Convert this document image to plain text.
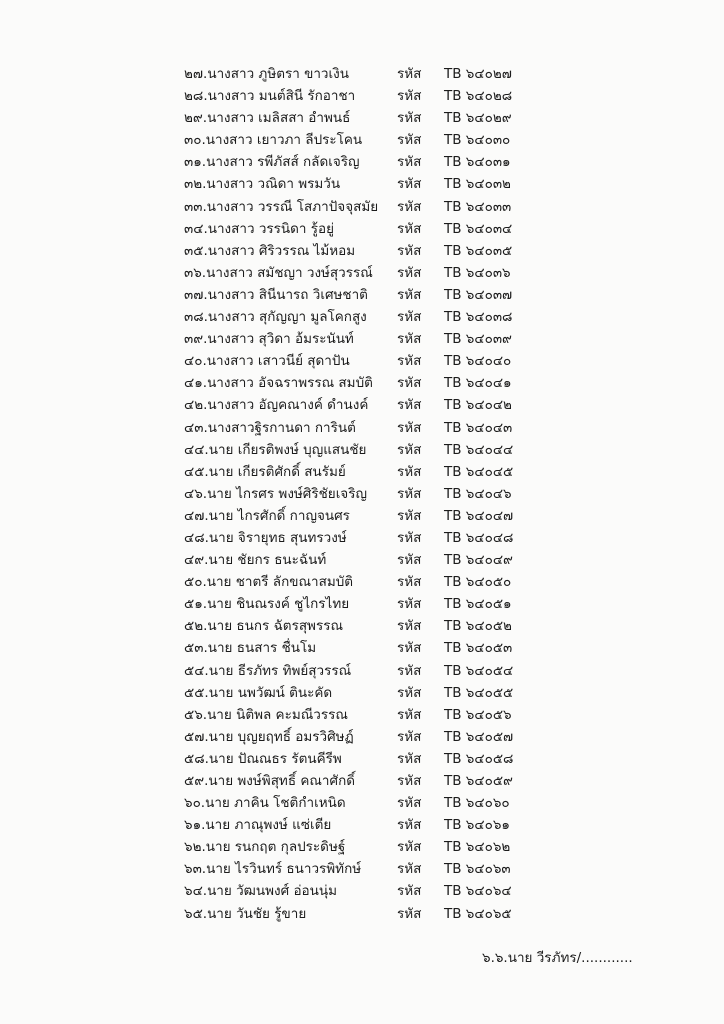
๒๗.นางสาว ภูษิตรา ขาวเงิน	รหัส TB ๖๔๐๒๗
๒๘.นางสาว มนต์สินี รักอาชา	รหัส TB ๖๔๐๒๘
๒๙.นางสาว เมลิสสา อำพนธ์	รหัส TB ๖๔๐๒๙
๓๐.นางสาว เยาวภา ลีประโคน	รหัส TB ๖๔๐๓๐
๓๑.นางสาว รพีภัสส์ กลัดเจริญ	รหัส TB ๖๔๐๓๑
๓๒.นางสาว วณิดา พรมวัน	รหัส TB ๖๔๐๓๒
๓๓.นางสาว วรรณี โสภาปัจจุสมัย รหัส TB ๖๔๐๓๓
๓๔.นางสาว วรรนิดา รู้อยู่	รหัส TB ๖๔๐๓๔
๓๕.นางสาว ศิริวรรณ ไม้หอม	รหัส TB ๖๔๐๓๕
๓๖.นางสาว สมัชญา วงษ์สุวรรณ์ รหัส TB ๖๔๐๓๖
๓๗.นางสาว สินีนารถ วิเศษชาติ รหัส TB ๖๔๐๓๗
๓๘.นางสาว สุกัญญา มูลโคกสูง รหัส TB ๖๔๐๓๘
๓๙.นางสาว สุวิดา อ้มระนันท์	รหัส TB ๖๔๐๓๙
๔๐.นางสาว เสาวนีย์ สุดาปัน	รหัส TB ๖๔๐๔๐
๔๑.นางสาว อัจฉราพรรณ สมบัติ รหัส TB ๖๔๐๔๑
๔๒.นางสาว อัญคณางค์ ดำนงค์ รหัส TB ๖๔๐๔๒
๔๓.นางสาวฐิรกานดา การินต์	รหัส TB ๖๔๐๔๓
๔๔.นาย เกียรติพงษ์ บุญแสนชัย รหัส TB ๖๔๐๔๔
๔๕.นาย เกียรติศักดิ์ สนรัมย์	รหัส TB ๖๔๐๔๕
๔๖.นาย ไกรศร พงษ์ศิริชัยเจริญ รหัส TB ๖๔๐๔๖
๔๗.นาย ไกรศักดิ์ กาญจนศร	รหัส TB ๖๔๐๔๗
๔๘.นาย จิรายุทธ สุนทรวงษ์	รหัส TB ๖๔๐๔๘
๔๙.นาย ชัยกร ธนะฉันท์	รหัส TB ๖๔๐๔๙
๕๐.นาย ชาตรี ลักขณาสมบัติ	รหัส TB ๖๔๐๕๐
๕๑.นาย ชินณรงค์ ชูไกรไทย	รหัส TB ๖๔๐๕๑
๕๒.นาย ธนกร ฉัตรสุพรรณ	รหัส TB ๖๔๐๕๒
๕๓.นาย ธนสาร ชื่นโม	รหัส TB ๖๔๐๕๓
๕๔.นาย ธีรภัทร ทิพย์สุวรรณ์	รหัส TB ๖๔๐๕๔
๕๕.นาย นพวัฒน์ ตินะคัด	รหัส TB ๖๔๐๕๕
๕๖.นาย นิติพล คะมณีวรรณ	รหัส TB ๖๔๐๕๖
๕๗.นาย บุญยฤทธิ์ อมรวิศิษฏ์	รหัส TB ๖๔๐๕๗
๕๘.นาย ปัณณธร รัตนคีรีพ	รหัส TB ๖๔๐๕๘
๕๙.นาย พงษ์พิสุทธิ์ คณาศักดิ์	รหัส TB ๖๔๐๕๙
๖๐.นาย ภาคิน โชติกำเหนิด	รหัส TB ๖๔๐๖๐
๖๑.นาย ภาณุพงษ์ แซ่เตีย	รหัส TB ๖๔๐๖๑
๖๒.นาย รนกฤต กุลประดิษฐ์	รหัส TB ๖๔๐๖๒
๖๓.นาย ไรวินทร์ ธนาวรพิทักษ์	รหัส TB ๖๔๐๖๓
๖๔.นาย วัฒนพงศ์ อ่อนนุ่ม	รหัส TB ๖๔๐๖๔
๖๕.นาย วันชัย รู้ขาย	รหัส TB ๖๔๐๖๕
๖.๖.นาย วีรภัทร/............
